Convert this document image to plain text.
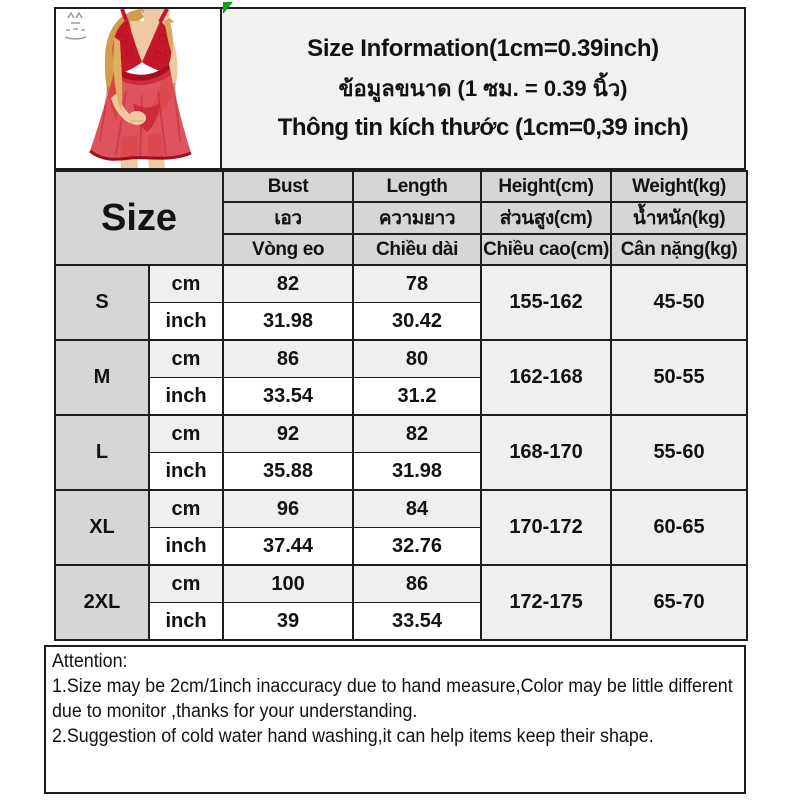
Size Information(1cm=0.39inch)
ข้อมูลขนาด (1 ซม. = 0.39 นิ้ว)
Thông tin kích thước (1cm=0,39 inch)
Size		Bust	Length	Height(cm)	Weight(kg)
		เอว	ความยาว	ส่วนสูง(cm)	น้ำหนัก(kg)
		Vòng eo	Chiều dài	Chiều cao(cm)	Cân nặng(kg)
S	cm	82	78	155-162	45-50
	inch	31.98	30.42		
M	cm	86	80	162-168	50-55
	inch	33.54	31.2		
L	cm	92	82	168-170	55-60
	inch	35.88	31.98		
XL	cm	96	84	170-172	60-65
	inch	37.44	32.76		
2XL	cm	100	86	172-175	65-70
	inch	39	33.54		
Attention:
1.Size may be 2cm/1inch inaccuracy due to hand measure,Color may be little different due to monitor ,thanks for your understanding.
2.Suggestion of cold water hand washing,it can help items keep their shape.
